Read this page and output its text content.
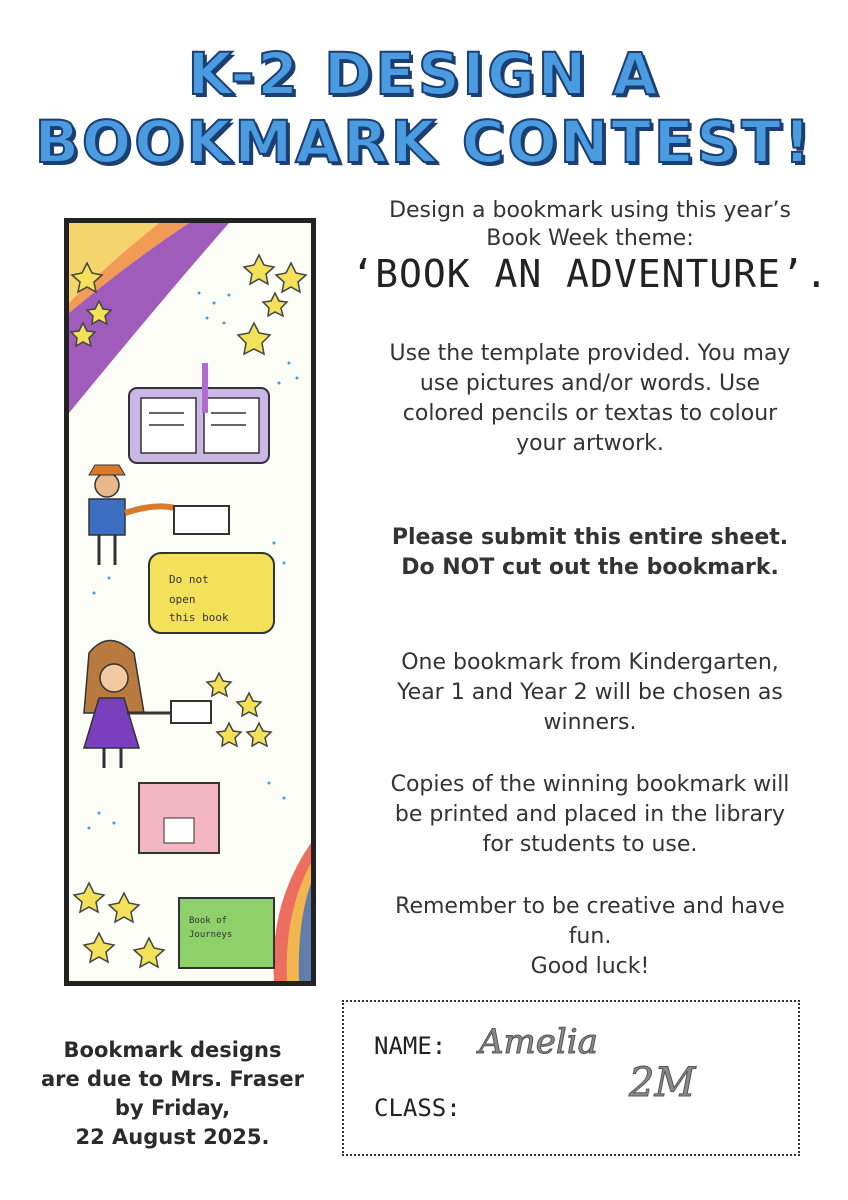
K-2 DESIGN A
BOOKMARK CONTEST!
Do not
open
this book
Book of
Journeys
Design a bookmark using this year’s
Book Week theme:
‘BOOK AN ADVENTURE’.
Use the template provided. You may
use pictures and/or words. Use
colored pencils or textas to colour
your artwork.
Please submit this entire sheet.
Do NOT cut out the bookmark.
One bookmark from Kindergarten,
Year 1 and Year 2 will be chosen as
winners.
Copies of the winning bookmark will
be printed and placed in the library
for students to use.
Remember to be creative and have
fun.
Good luck!
Bookmark designs
are due to Mrs. Fraser
by Friday,
22 August 2025.
NAME: Amelia
CLASS:
2M
